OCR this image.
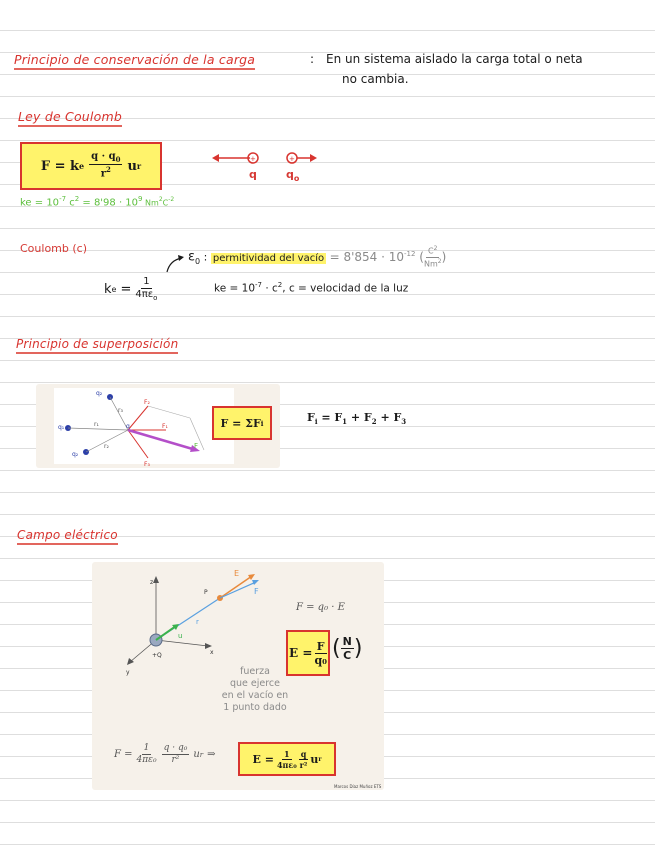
Principio de conservación de la carga	: En un sistema aislado la carga total o neta
no cambia.
Ley de Coulomb
F = k e $\frac{q \cdot q_0}{r^2}$ u r
+	+
q	$q_o$
ke = $10^{-7}$ $c^2 = 8'98 \cdot 10^9$ $Nm^2C^{-2}$
Coulomb (c)
$\varepsilon_0$ : permitividad del vacío = $8'854 \cdot 10^{-12}$ ( $\frac{C^2}{Nm^2}$ )
k $e = \frac{1}{4\pi\varepsilon_o}$	ke = $10^{-7} \cdot c^2$, c = velocidad de la luz
Principio de superposición
q₂
q₁
q₂
r₃
r₁
r₂
F₂
F₁
F₃
q
F
F = ΣF i	$F_i = F_1 + F_2 + F_3$
Campo eléctrico
z
P
E
F
r
u
+Q	x
y
F = q₀ · E
$E = \frac{F}{\text{q₀}}$ ( $\frac{N}{C}$ )
fuerza
que ejerce
en el vacío en
1 punto dado
$F = \frac{1}{\text{4πε₀}} \frac{\text{q · q₀}}{\text{r²}}$ u r ⇒	$E = \frac{1}{\text{4πε₀}} \frac{q}{\text{r²}}$ u r
Marcos Díaz Muñoz ETS
